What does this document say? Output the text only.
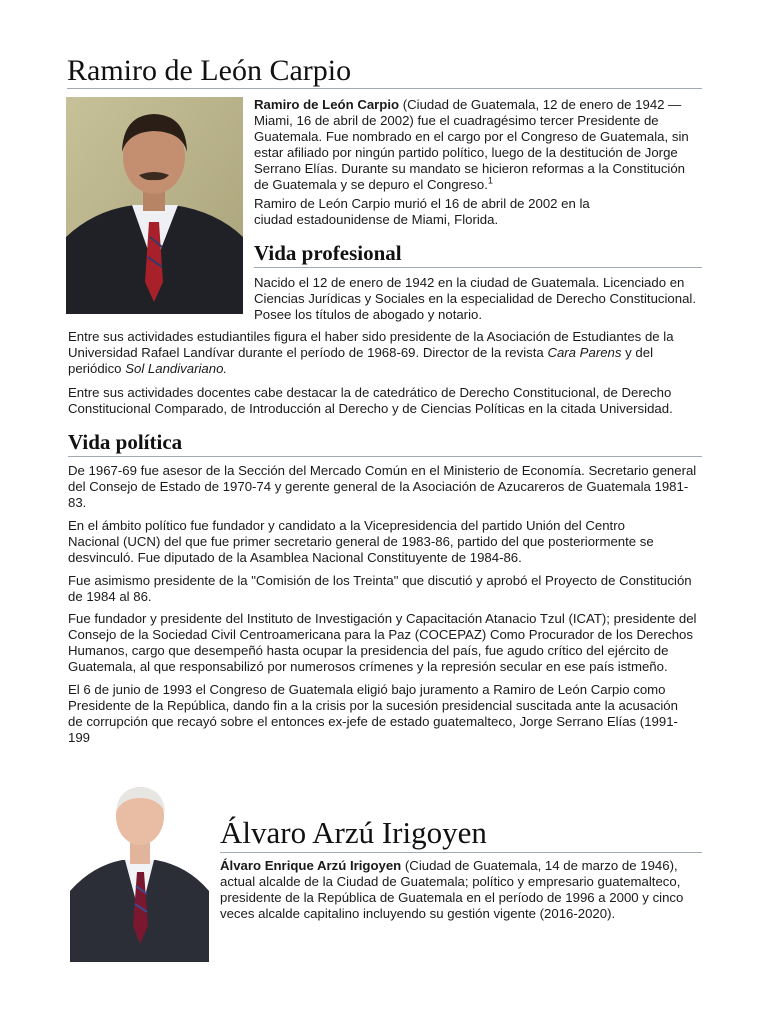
Ramiro de León Carpio

Ramiro de León Carpio (Ciudad de Guatemala, 12 de enero de 1942 — Miami, 16 de abril de 2002) fue el cuadragésimo tercer Presidente de Guatemala. Fue nombrado en el cargo por el Congreso de Guatemala, sin estar afiliado por ningún partido político, luego de la destitución de Jorge Serrano Elías. Durante su mandato se hicieron reformas a la Constitución de Guatemala y se depuro el Congreso.$^1$

Ramiro de León Carpio murió el 16 de abril de 2002 en la ciudad estadounidense de Miami, Florida.

Vida profesional

Nacido el 12 de enero de 1942 en la ciudad de Guatemala. Licenciado en Ciencias Jurídicas y Sociales en la especialidad de Derecho Constitucional. Posee los títulos de abogado y notario.

Entre sus actividades estudiantiles figura el haber sido presidente de la Asociación de Estudiantes de la Universidad Rafael Landívar durante el período de 1968-69. Director de la revista Cara Parens y del periódico Sol Landivariano.

Entre sus actividades docentes cabe destacar la de catedrático de Derecho Constitucional, de Derecho Constitucional Comparado, de Introducción al Derecho y de Ciencias Políticas en la citada Universidad.

Vida política

De 1967-69 fue asesor de la Sección del Mercado Común en el Ministerio de Economía. Secretario general del Consejo de Estado de 1970-74 y gerente general de la Asociación de Azucareros de Guatemala 1981-83.

En el ámbito político fue fundador y candidato a la Vicepresidencia del partido Unión del Centro Nacional (UCN) del que fue primer secretario general de 1983-86, partido del que posteriormente se desvinculó. Fue diputado de la Asamblea Nacional Constituyente de 1984-86.

Fue asimismo presidente de la "Comisión de los Treinta" que discutió y aprobó el Proyecto de Constitución de 1984 al 86.

Fue fundador y presidente del Instituto de Investigación y Capacitación Atanacio Tzul (ICAT); presidente del Consejo de la Sociedad Civil Centroamericana para la Paz (COCEPAZ) Como Procurador de los Derechos Humanos, cargo que desempeñó hasta ocupar la presidencia del país, fue agudo crítico del ejército de Guatemala, al que responsabilizó por numerosos crímenes y la represión secular en ese país istmeño.

El 6 de junio de 1993 el Congreso de Guatemala eligió bajo juramento a Ramiro de León Carpio como Presidente de la República, dando fin a la crisis por la sucesión presidencial suscitada ante la acusación de corrupción que recayó sobre el entonces ex-jefe de estado guatemalteco, Jorge Serrano Elías (1991-199

Álvaro Arzú Irigoyen

Álvaro Enrique Arzú Irigoyen (Ciudad de Guatemala, 14 de marzo de 1946), actual alcalde de la Ciudad de Guatemala; político y empresario guatemalteco, presidente de la República de Guatemala en el período de 1996 a 2000 y cinco veces alcalde capitalino incluyendo su gestión vigente (2016-2020).
